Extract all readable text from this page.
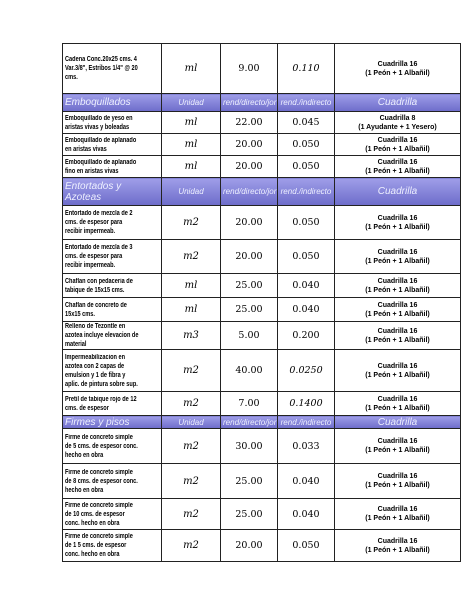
Cadena Conc.20x25 cms. 4 Var.3/8", Estribos 1/4" @ 20 cms.	ml	9.00	0.110	Cuadrilla 16
(1 Peón + 1 Albañil)

Emboquillados	Unidad	rend/directo/jor	rend./indirecto	Cuadrilla

Emboquillado de yeso en aristas vivas y boleadas	ml	22.00	0.045	Cuadrilla 8
(1 Ayudante + 1 Yesero)

Emboquillado de aplanado en aristas vivas	ml	20.00	0.050	Cuadrilla 16
(1 Peón + 1 Albañil)

Emboquillado de aplanado fino en aristas vivas	ml	20.00	0.050	Cuadrilla 16
(1 Peón + 1 Albañil)

Entortados y Azoteas	Unidad	rend/directo/jor	rend./indirecto	Cuadrilla

Entortado de mezcla de 2 cms. de espesor para recibir impermeab.	m2	20.00	0.050	Cuadrilla 16
(1 Peón + 1 Albañil)

Entortado de mezcla de 3 cms. de espesor para recibir impermeab.	m2	20.00	0.050	Cuadrilla 16
(1 Peón + 1 Albañil)

Chaflan con pedaceria de tabique de 15x15 cms.	ml	25.00	0.040	Cuadrilla 16
(1 Peón + 1 Albañil)

Chaflan de concreto de 15x15 cms.	ml	25.00	0.040	Cuadrilla 16
(1 Peón + 1 Albañil)

Relleno de Tezontle en azotea incluye elevacion de material	m3	5.00	0.200	Cuadrilla 16
(1 Peón + 1 Albañil)

Impermeabilizacion en azotea con 2 capas de emulsion y 1 de fibra y aplic. de pintura sobre sup.	m2	40.00	0.0250	Cuadrilla 16
(1 Peón + 1 Albañil)

Pretil de tabique rojo de 12 cms. de espesor	m2	7.00	0.1400	Cuadrilla 16
(1 Peón + 1 Albañil)

Firmes y pisos	Unidad	rend/directo/jor	rend./indirecto	Cuadrilla

Firme de concreto simple de 5 cms. de espesor conc. hecho en obra	m2	30.00	0.033	Cuadrilla 16
(1 Peón + 1 Albañil)

Firme de concreto simple de 8 cms. de espesor conc. hecho en obra	m2	25.00	0.040	Cuadrilla 16
(1 Peón + 1 Albañil)

Firme de concreto simple de 10 cms. de espesor conc. hecho en obra	m2	25.00	0.040	Cuadrilla 16
(1 Peón + 1 Albañil)

Firme de concreto simple de 1 5 cms. de espesor conc. hecho en obra	m2	20.00	0.050	Cuadrilla 16
(1 Peón + 1 Albañil)
